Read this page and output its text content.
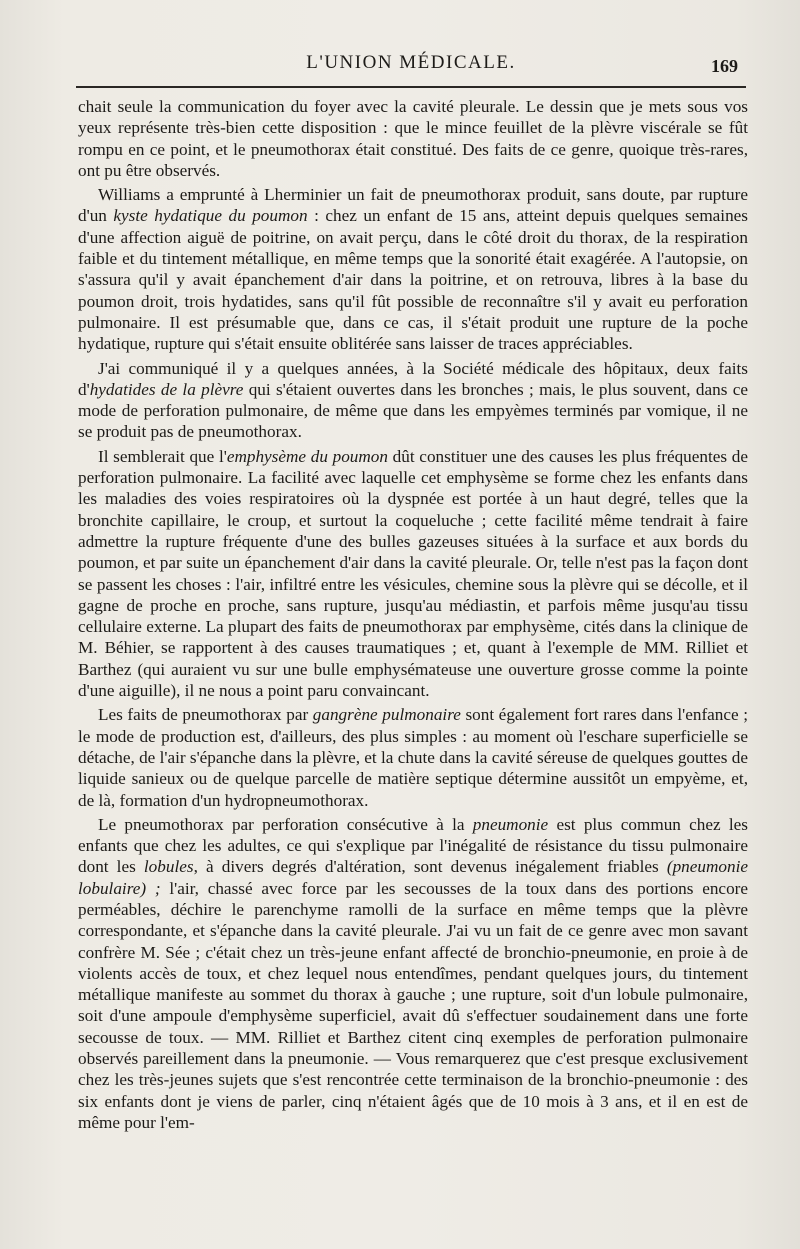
L'UNION MÉDICALE.	169

chait seule la communication du foyer avec la cavité pleurale. Le dessin que je mets sous vos yeux représente très-bien cette disposition : que le mince feuillet de la plèvre viscérale se fût rompu en ce point, et le pneumothorax était constitué. Des faits de ce genre, quoique très-rares, ont pu être observés.

Williams a emprunté à Lherminier un fait de pneumothorax produit, sans doute, par rupture d'un kyste hydatique du poumon : chez un enfant de 15 ans, atteint depuis quelques semaines d'une affection aiguë de poitrine, on avait perçu, dans le côté droit du thorax, de la respiration faible et du tintement métallique, en même temps que la sonorité était exagérée. A l'autopsie, on s'assura qu'il y avait épanchement d'air dans la poitrine, et on retrouva, libres à la base du poumon droit, trois hydatides, sans qu'il fût possible de reconnaître s'il y avait eu perforation pulmonaire. Il est présumable que, dans ce cas, il s'était produit une rupture de la poche hydatique, rupture qui s'était ensuite oblitérée sans laisser de traces appréciables.

J'ai communiqué il y a quelques années, à la Société médicale des hôpitaux, deux faits d'hydatides de la plèvre qui s'étaient ouvertes dans les bronches ; mais, le plus souvent, dans ce mode de perforation pulmonaire, de même que dans les empyèmes terminés par vomique, il ne se produit pas de pneumothorax.

Il semblerait que l'emphysème du poumon dût constituer une des causes les plus fréquentes de perforation pulmonaire. La facilité avec laquelle cet emphysème se forme chez les enfants dans les maladies des voies respiratoires où la dyspnée est portée à un haut degré, telles que la bronchite capillaire, le croup, et surtout la coqueluche ; cette facilité même tendrait à faire admettre la rupture fréquente d'une des bulles gazeuses situées à la surface et aux bords du poumon, et par suite un épanchement d'air dans la cavité pleurale. Or, telle n'est pas la façon dont se passent les choses : l'air, infiltré entre les vésicules, chemine sous la plèvre qui se décolle, et il gagne de proche en proche, sans rupture, jusqu'au médiastin, et parfois même jusqu'au tissu cellulaire externe. La plupart des faits de pneumothorax par emphysème, cités dans la clinique de M. Béhier, se rapportent à des causes traumatiques ; et, quant à l'exemple de MM. Rilliet et Barthez (qui auraient vu sur une bulle emphysémateuse une ouverture grosse comme la pointe d'une aiguille), il ne nous a point paru convaincant.

Les faits de pneumothorax par gangrène pulmonaire sont également fort rares dans l'enfance ; le mode de production est, d'ailleurs, des plus simples : au moment où l'eschare superficielle se détache, de l'air s'épanche dans la plèvre, et la chute dans la cavité séreuse de quelques gouttes de liquide sanieux ou de quelque parcelle de matière septique détermine aussitôt un empyème, et, de là, formation d'un hydropneumothorax.

Le pneumothorax par perforation consécutive à la pneumonie est plus commun chez les enfants que chez les adultes, ce qui s'explique par l'inégalité de résistance du tissu pulmonaire dont les lobules, à divers degrés d'altération, sont devenus inégalement friables (pneumonie lobulaire) ; l'air, chassé avec force par les secousses de la toux dans des portions encore perméables, déchire le parenchyme ramolli de la surface en même temps que la plèvre correspondante, et s'épanche dans la cavité pleurale. J'ai vu un fait de ce genre avec mon savant confrère M. Sée ; c'était chez un très-jeune enfant affecté de bronchio-pneumonie, en proie à de violents accès de toux, et chez lequel nous entendîmes, pendant quelques jours, du tintement métallique manifeste au sommet du thorax à gauche ; une rupture, soit d'un lobule pulmonaire, soit d'une ampoule d'emphysème superficiel, avait dû s'effectuer soudainement dans une forte secousse de toux. — MM. Rilliet et Barthez citent cinq exemples de perforation pulmonaire observés pareillement dans la pneumonie. — Vous remarquerez que c'est presque exclusivement chez les très-jeunes sujets que s'est rencontrée cette terminaison de la bronchio-pneumonie : des six enfants dont je viens de parler, cinq n'étaient âgés que de 10 mois à 3 ans, et il en est de même pour l'em-
